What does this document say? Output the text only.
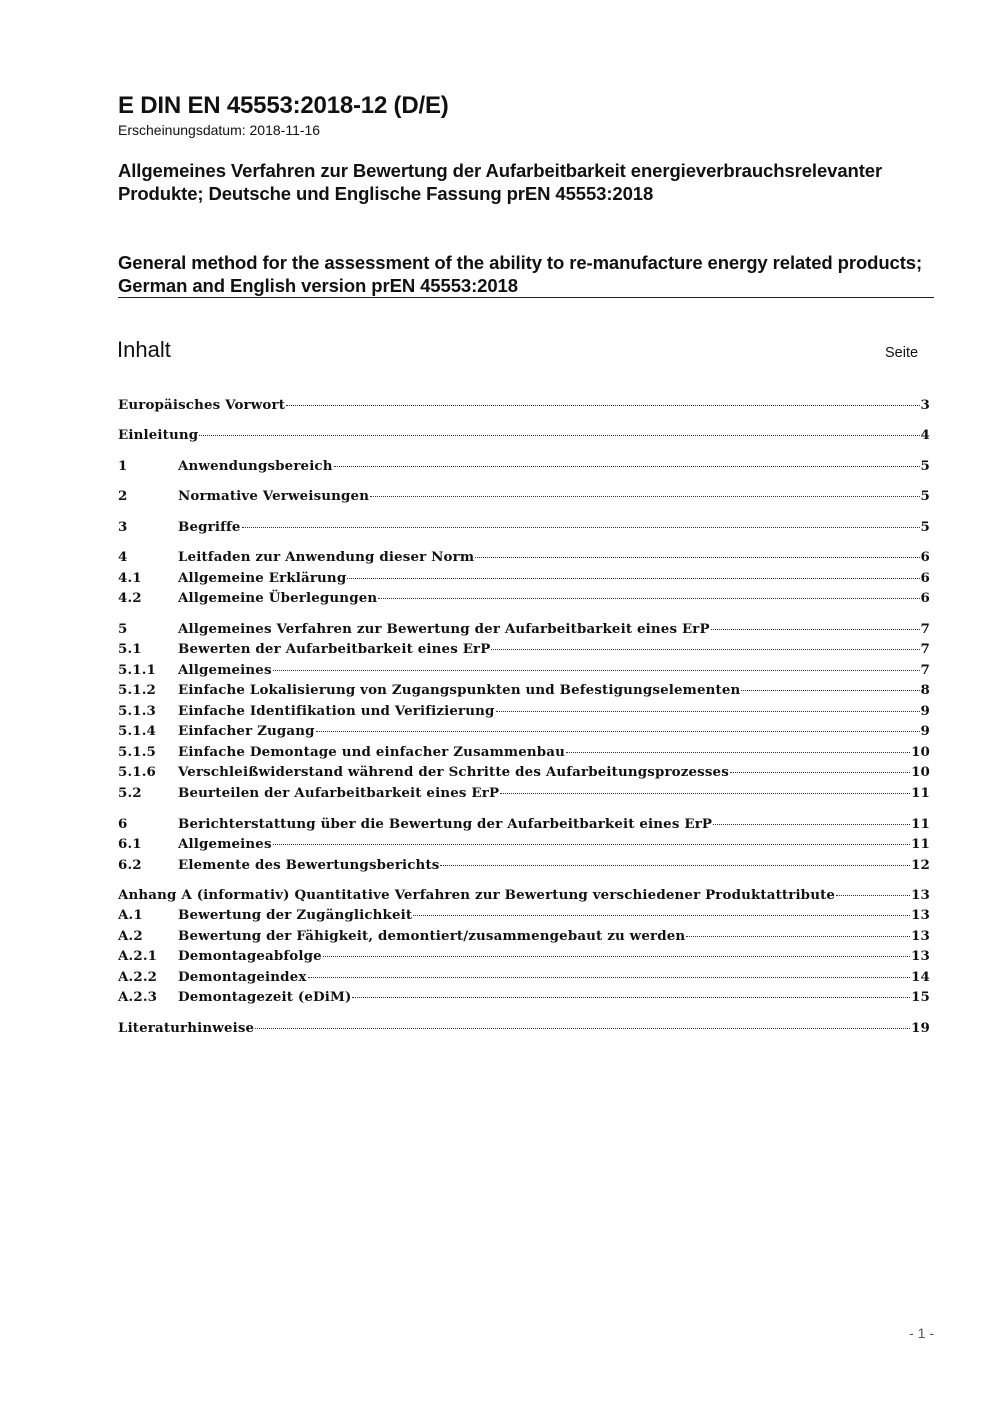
E DIN EN 45553:2018-12 (D/E)
Erscheinungsdatum: 2018-11-16
Allgemeines Verfahren zur Bewertung der Aufarbeitbarkeit energieverbrauchsrelevanter Produkte; Deutsche und Englische Fassung prEN 45553:2018
General method for the assessment of the ability to re-manufacture energy related products; German and English version prEN 45553:2018
Inhalt	Seite
Europäisches Vorwort	3
Einleitung	4
1	Anwendungsbereich	5
2	Normative Verweisungen	5
3	Begriffe	5
4	Leitfaden zur Anwendung dieser Norm	6
4.1	Allgemeine Erklärung	6
4.2	Allgemeine Überlegungen	6
5	Allgemeines Verfahren zur Bewertung der Aufarbeitbarkeit eines ErP	7
5.1	Bewerten der Aufarbeitbarkeit eines ErP	7
5.1.1	Allgemeines	7
5.1.2	Einfache Lokalisierung von Zugangspunkten und Befestigungselementen	8
5.1.3	Einfache Identifikation und Verifizierung	9
5.1.4	Einfacher Zugang	9
5.1.5	Einfache Demontage und einfacher Zusammenbau	10
5.1.6	Verschleißwiderstand während der Schritte des Aufarbeitungsprozesses	10
5.2	Beurteilen der Aufarbeitbarkeit eines ErP	11
6	Berichterstattung über die Bewertung der Aufarbeitbarkeit eines ErP	11
6.1	Allgemeines	11
6.2	Elemente des Bewertungsberichts	12
Anhang A (informativ) Quantitative Verfahren zur Bewertung verschiedener Produktattribute	13
A.1	Bewertung der Zugänglichkeit	13
A.2	Bewertung der Fähigkeit, demontiert/zusammengebaut zu werden	13
A.2.1	Demontageabfolge	13
A.2.2	Demontageindex	14
A.2.3	Demontagezeit (eDiM)	15
Literaturhinweise	19
- 1 -
